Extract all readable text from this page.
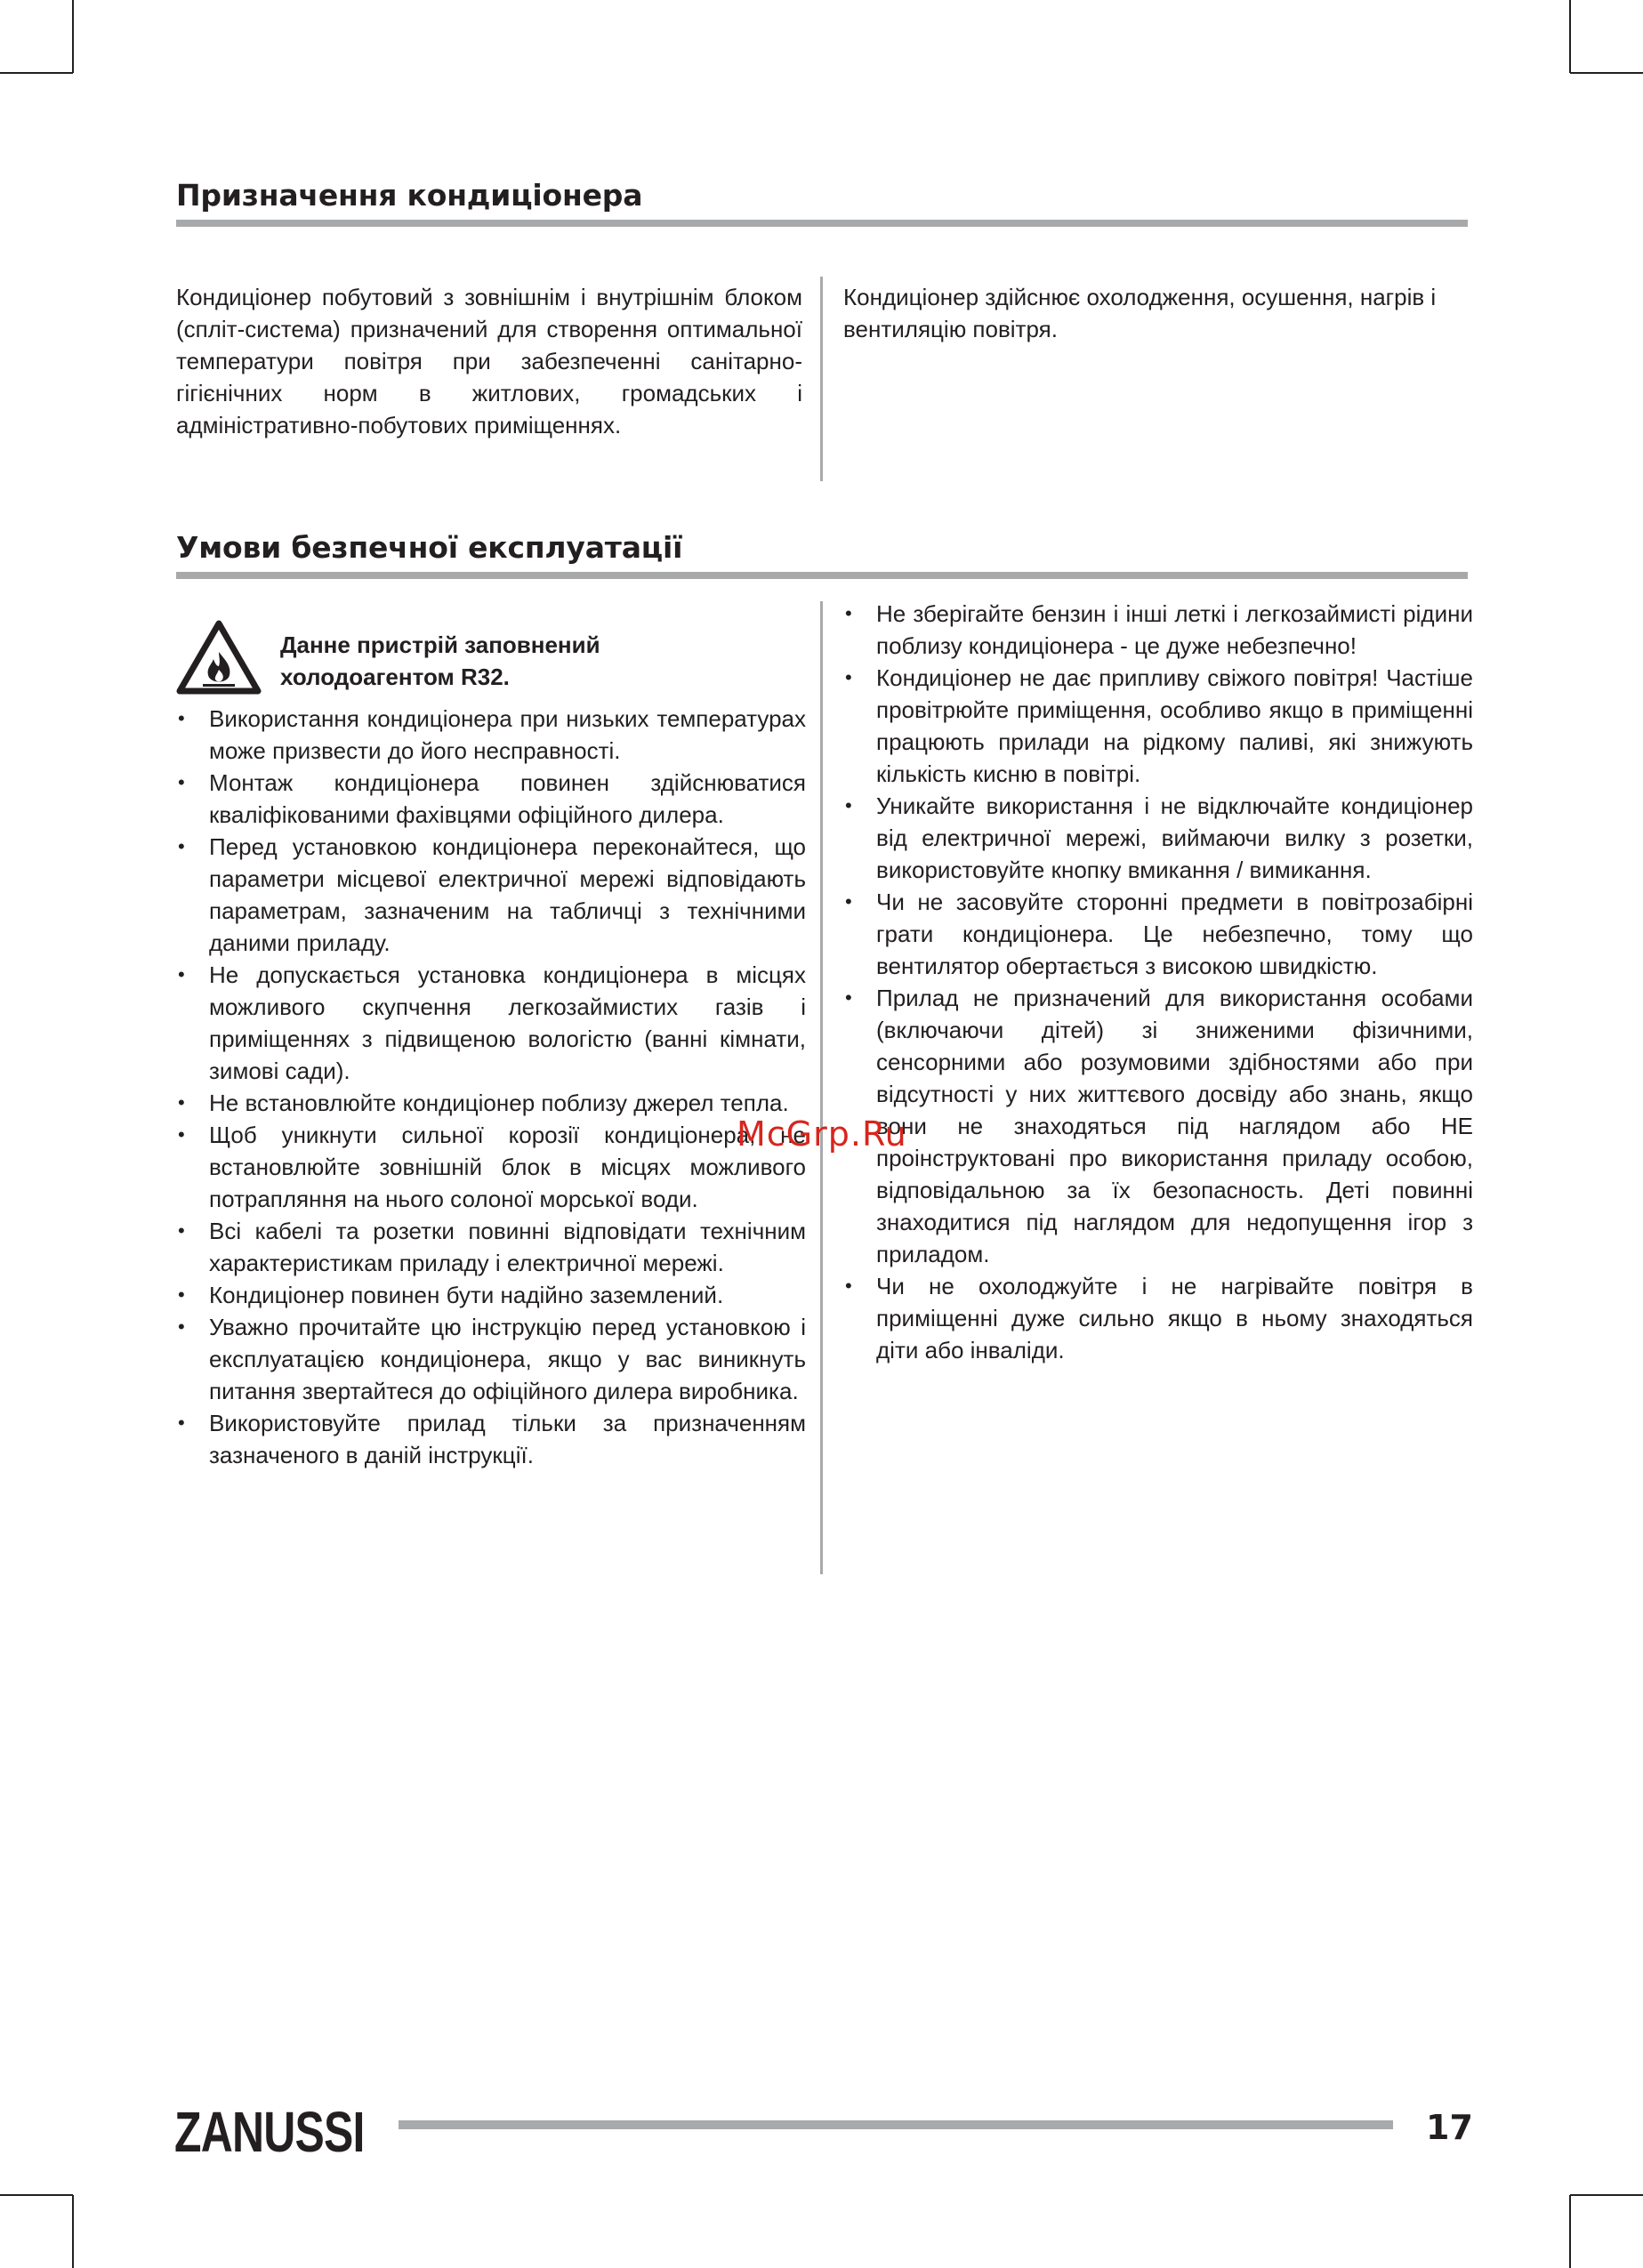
Призначення кондиціонера

Кондиціонер побутовий з зовнішнім і внутрішнім блоком (спліт-система) призначений для створення оптимальної температури повітря при забезпеченні санітарно-гігієнічних норм в житлових, громадських і адміністративно-побутових приміщеннях.

Кондиціонер здійснює охолодження, осушення, нагрів і вентиляцію повітря.

Умови безпечної експлуатації
Данне пристрій заповнений холодоагентом R32.
• Використання кондиціонера при низьких температурах може призвести до його несправності.
• Монтаж кондиціонера повинен здійснюватися кваліфікованими фахівцями офіційного дилера.
• Перед установкою кондиціонера переконайтеся, що параметри місцевої електричної мережі відповідають параметрам, зазначеним на табличці з технічними даними приладу.
• Не допускається установка кондиціонера в місцях можливого скупчення легкозаймистих газів і приміщеннях з підвищеною вологістю (ванні кімнати, зимові сади).
• Не встановлюйте кондиціонер поблизу джерел тепла.
• Щоб уникнути сильної корозії кондиціонера, не встановлюйте зовнішній блок в місцях можливого потрапляння на нього солоної морської води.
• Всі кабелі та розетки повинні відповідати технічним характеристикам приладу і електричної мережі.
• Кондиціонер повинен бути надійно заземлений.
• Уважно прочитайте цю інструкцію перед установкою і експлуатацією кондиціонера, якщо у вас виникнуть питання звертайтеся до офіційного дилера виробника.
• Використовуйте прилад тільки за призначенням зазначеного в даній інструкції.
• Не зберігайте бензин і інші леткі і легкозаймисті рідини поблизу кондиціонера - це дуже небезпечно!
• Кондиціонер не дає припливу свіжого повітря! Частіше провітрюйте приміщення, особливо якщо в приміщенні працюють прилади на рідкому паливі, які знижують кількість кисню в повітрі.
• Уникайте використання і не відключайте кондиціонер від електричної мережі, виймаючи вилку з розетки, використовуйте кнопку вмикання / вимикання.
• Чи не засовуйте сторонні предмети в повітрозабірні грати кондиціонера. Це небезпечно, тому що вентилятор обертається з високою швидкістю.
• Прилад не призначений для використання особами (включаючи дітей) зі зниженими фізичними, сенсорними або розумовими здібностями або при відсутності у них життєвого досвіду або знань, якщо вони не знаходяться під наглядом або НЕ проінструктовані про використання приладу особою, відповідальною за їх безопасность. Деті повинні знаходитися під наглядом для недопущення ігор з приладом.
• Чи не охолоджуйте і не нагрівайте повітря в приміщенні дуже сильно якщо в ньому знаходяться діти або інваліди.
McGrp.Ru
ZANUSSI	17
